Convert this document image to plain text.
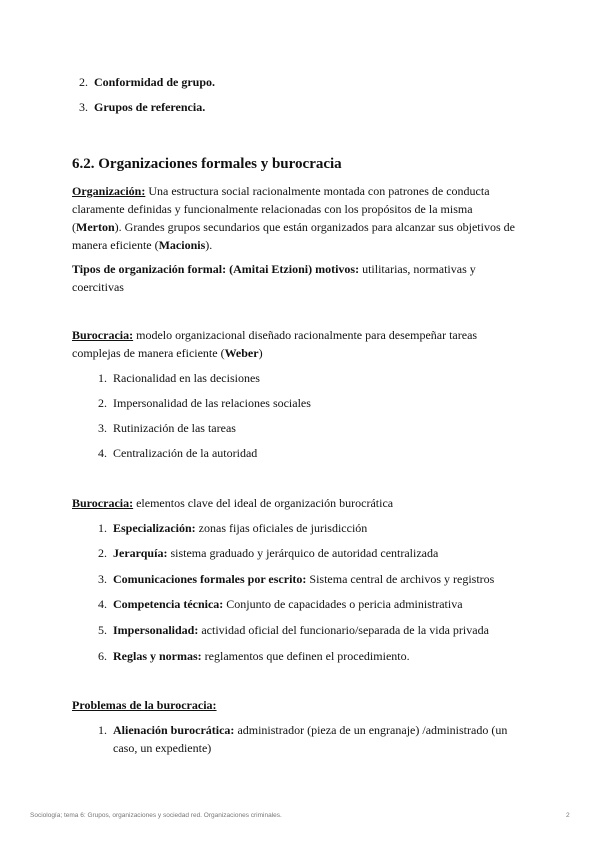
2. Conformidad de grupo.
3. Grupos de referencia.
6.2. Organizaciones formales y burocracia
Organización: Una estructura social racionalmente montada con patrones de conducta
claramente definidas y funcionalmente relacionadas con los propósitos de la misma
(Merton). Grandes grupos secundarios que están organizados para alcanzar sus objetivos de
manera eficiente (Macionis).
Tipos de organización formal: (Amitai Etzioni) motivos: utilitarias, normativas y
coercitivas
Burocracia: modelo organizacional diseñado racionalmente para desempeñar tareas
complejas de manera eficiente (Weber)
1. Racionalidad en las decisiones
2. Impersonalidad de las relaciones sociales
3. Rutinización de las tareas
4. Centralización de la autoridad
Burocracia: elementos clave del ideal de organización burocrática
1. Especialización: zonas fijas oficiales de jurisdicción
2. Jerarquía: sistema graduado y jerárquico de autoridad centralizada
3. Comunicaciones formales por escrito: Sistema central de archivos y registros
4. Competencia técnica: Conjunto de capacidades o pericia administrativa
5. Impersonalidad: actividad oficial del funcionario/separada de la vida privada
6. Reglas y normas: reglamentos que definen el procedimiento.
Problemas de la burocracia:
1. Alienación burocrática: administrador (pieza de un engranaje) /administrado (un
caso, un expediente)
Sociología; tema 6: Grupos, organizaciones y sociedad red. Organizaciones criminales.	2
